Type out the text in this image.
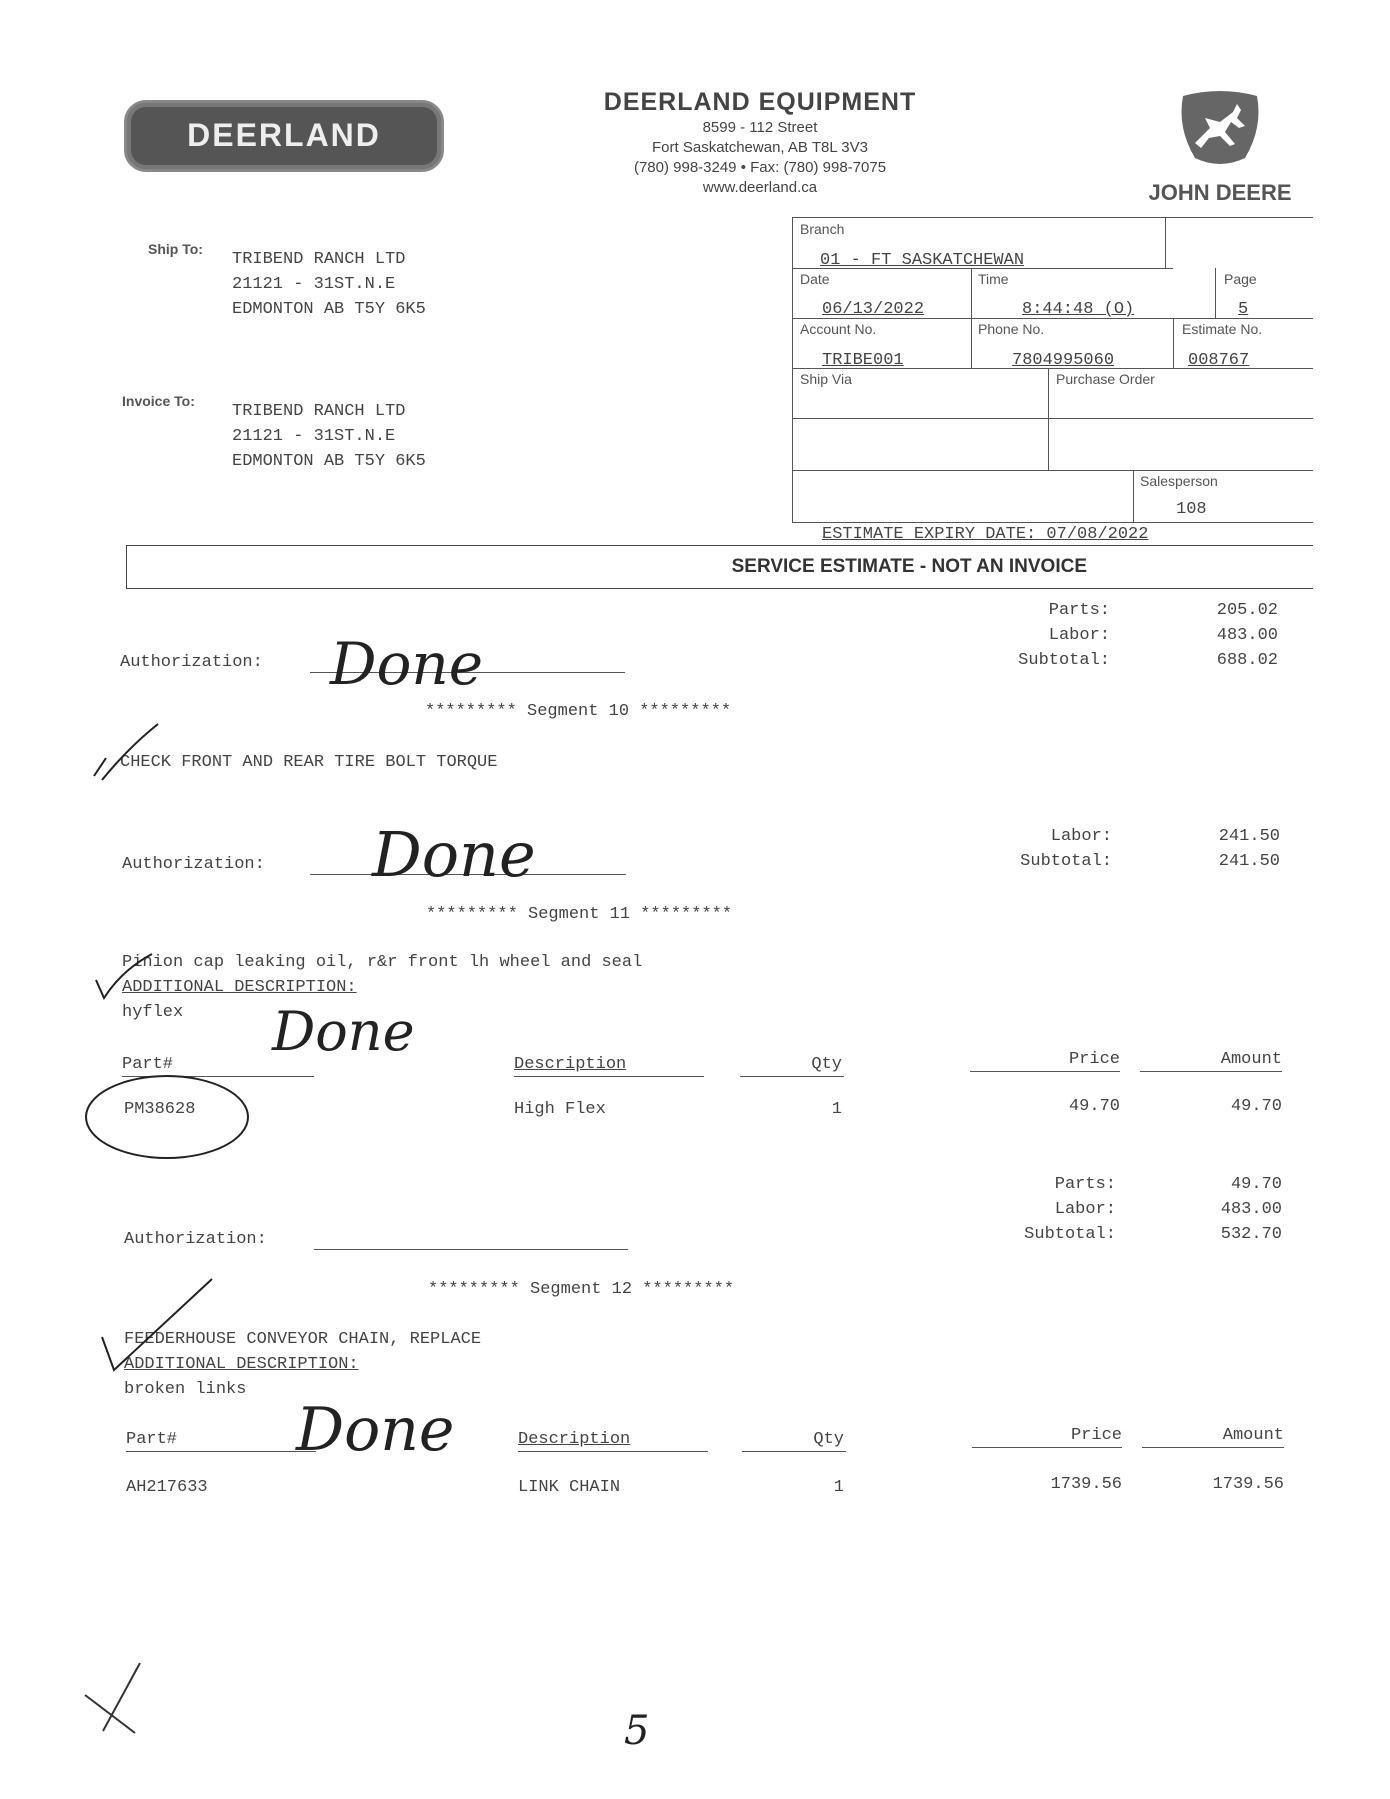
DEERLAND
DEERLAND EQUIPMENT
8599 - 112 Street
Fort Saskatchewan, AB T8L 3V3
(780) 998-3249 • Fax: (780) 998-7075
www.deerland.ca	JOHN DEERE
Ship To:
TRIBEND RANCH LTD
21121 - 31ST.N.E
EDMONTON AB T5Y 6K5
Invoice To:
TRIBEND RANCH LTD
21121 - 31ST.N.E
EDMONTON AB T5Y 6K5
Branch
01 - FT SASKATCHEWAN
Date
06/13/2022
Time
8:44:48 (O)
Page
5
Account No.
TRIBE001
Phone No.
7804995060
Estimate No.
008767
Ship Via	Purchase Order
Salesperson
108
ESTIMATE EXPIRY DATE: 07/08/2022
SERVICE ESTIMATE - NOT AN INVOICE
Parts:	205.02
Labor:	483.00
Subtotal:	688.02
Authorization: Done
********* Segment 10 *********
CHECK FRONT AND REAR TIRE BOLT TORQUE
Labor:	241.50
Subtotal:	241.50
Authorization: Done
********* Segment 11 *********
Pinion cap leaking oil, r&r front lh wheel and seal
ADDITIONAL DESCRIPTION:
hyflex Done
Part#	Description	Qty	Price	Amount
PM38628	High Flex	1	49.70	49.70
Parts:	49.70
Labor:	483.00
Subtotal:	532.70
Authorization:
********* Segment 12 *********
FEEDERHOUSE CONVEYOR CHAIN, REPLACE
ADDITIONAL DESCRIPTION:
broken links
Done
Part#	Description	Qty	Price	Amount
AH217633	LINK CHAIN	1	1739.56	1739.56
5
